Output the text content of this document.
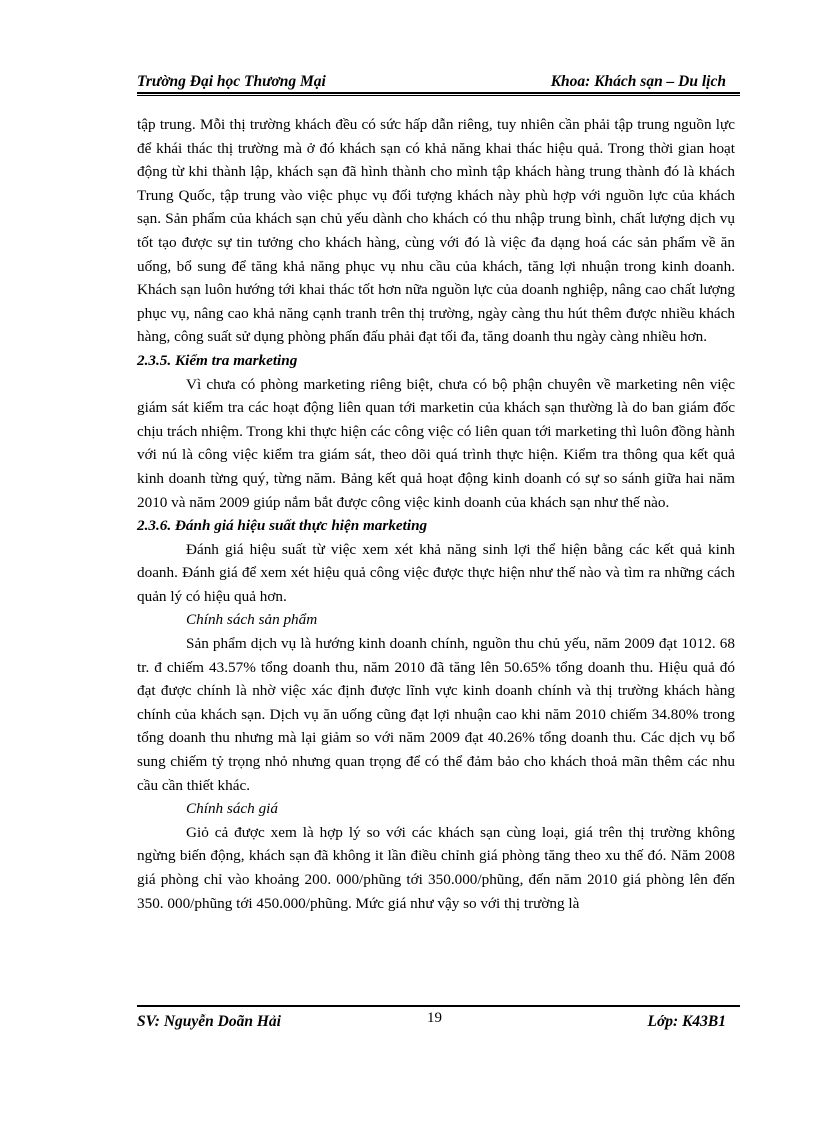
Trường Đại học Thương Mại	Khoa: Khách sạn – Du lịch

tập trung. Mỗi thị trường khách đều có sức hấp dẫn riêng, tuy nhiên cần phải tập trung nguồn lực để khái thác thị trường mà ở đó khách sạn có khả năng khai thác hiệu quả. Trong thời gian hoạt động từ khi thành lập, khách sạn đã hình thành cho mình tập khách hàng trung thành đó là khách Trung Quốc, tập trung vào việc phục vụ đối tượng khách này phù hợp với nguồn lực của khách sạn. Sản phẩm của khách sạn chủ yếu dành cho khách có thu nhập trung bình, chất lượng dịch vụ tốt tạo được sự tin tưởng cho khách hàng, cùng với đó là việc đa dạng hoá các sản phẩm về ăn uống, bổ sung để tăng khả năng phục vụ nhu cầu của khách, tăng lợi nhuận trong kinh doanh. Khách sạn luôn hướng tới khai thác tốt hơn nữa nguồn lực của doanh nghiệp, nâng cao chất lượng phục vụ, nâng cao khả năng cạnh tranh trên thị trường, ngày càng thu hút thêm được nhiều khách hàng, công suất sử dụng phòng phấn đấu phải đạt tối đa, tăng doanh thu ngày càng nhiều hơn.

2.3.5. Kiểm tra marketing

Vì chưa có phòng marketing riêng biệt, chưa có bộ phận chuyên về marketing nên việc giám sát kiểm tra các hoạt động liên quan tới marketin của khách sạn thường là do ban giám đốc chịu trách nhiệm. Trong khi thực hiện các công việc có liên quan tới marketing thì luôn đồng hành với nú là công việc kiểm tra giám sát, theo dõi quá trình thực hiện. Kiểm tra thông qua kết quả kinh doanh từng quý, từng năm. Bảng kết quả hoạt động kinh doanh có sự so sánh giữa hai năm 2010 và năm 2009 giúp nắm bắt được công việc kinh doanh của khách sạn như thế nào.

2.3.6. Đánh giá hiệu suất thực hiện marketing

Đánh giá hiệu suất từ việc xem xét khả năng sinh lợi thể hiện bằng các kết quả kinh doanh. Đánh giá để xem xét hiệu quả công việc được thực hiện như thế nào và tìm ra những cách quản lý có hiệu quả hơn.

Chính sách sản phẩm

Sản phẩm dịch vụ là hướng kinh doanh chính, nguồn thu chủ yếu, năm 2009 đạt 1012. 68 tr. đ chiếm 43.57% tổng doanh thu, năm 2010 đã tăng lên 50.65% tổng doanh thu. Hiệu quả đó đạt được chính là nhờ việc xác định được lĩnh vực kinh doanh chính và thị trường khách hàng chính của khách sạn. Dịch vụ ăn uống cũng đạt lợi nhuận cao khi năm 2010 chiếm 34.80% trong tổng doanh thu nhưng mà lại giảm so với năm 2009 đạt 40.26% tổng doanh thu. Các dịch vụ bổ sung chiếm tỷ trọng nhỏ nhưng quan trọng để có thể đảm bảo cho khách thoả mãn thêm các nhu cầu cần thiết khác.

Chính sách giá

Giỏ cả được xem là hợp lý so với các khách sạn cùng loại, giá trên thị trường không ngừng biến động, khách sạn đã không it lần điều chỉnh giá phòng tăng theo xu thế đó. Năm 2008 giá phòng chỉ vào khoảng 200. 000/phũng tới 350.000/phũng, đến năm 2010 giá phòng lên đến 350. 000/phũng tới 450.000/phũng. Mức giá như vậy so với thị trường là

SV: Nguyễn Doãn Hải	19	Lớp: K43B1
